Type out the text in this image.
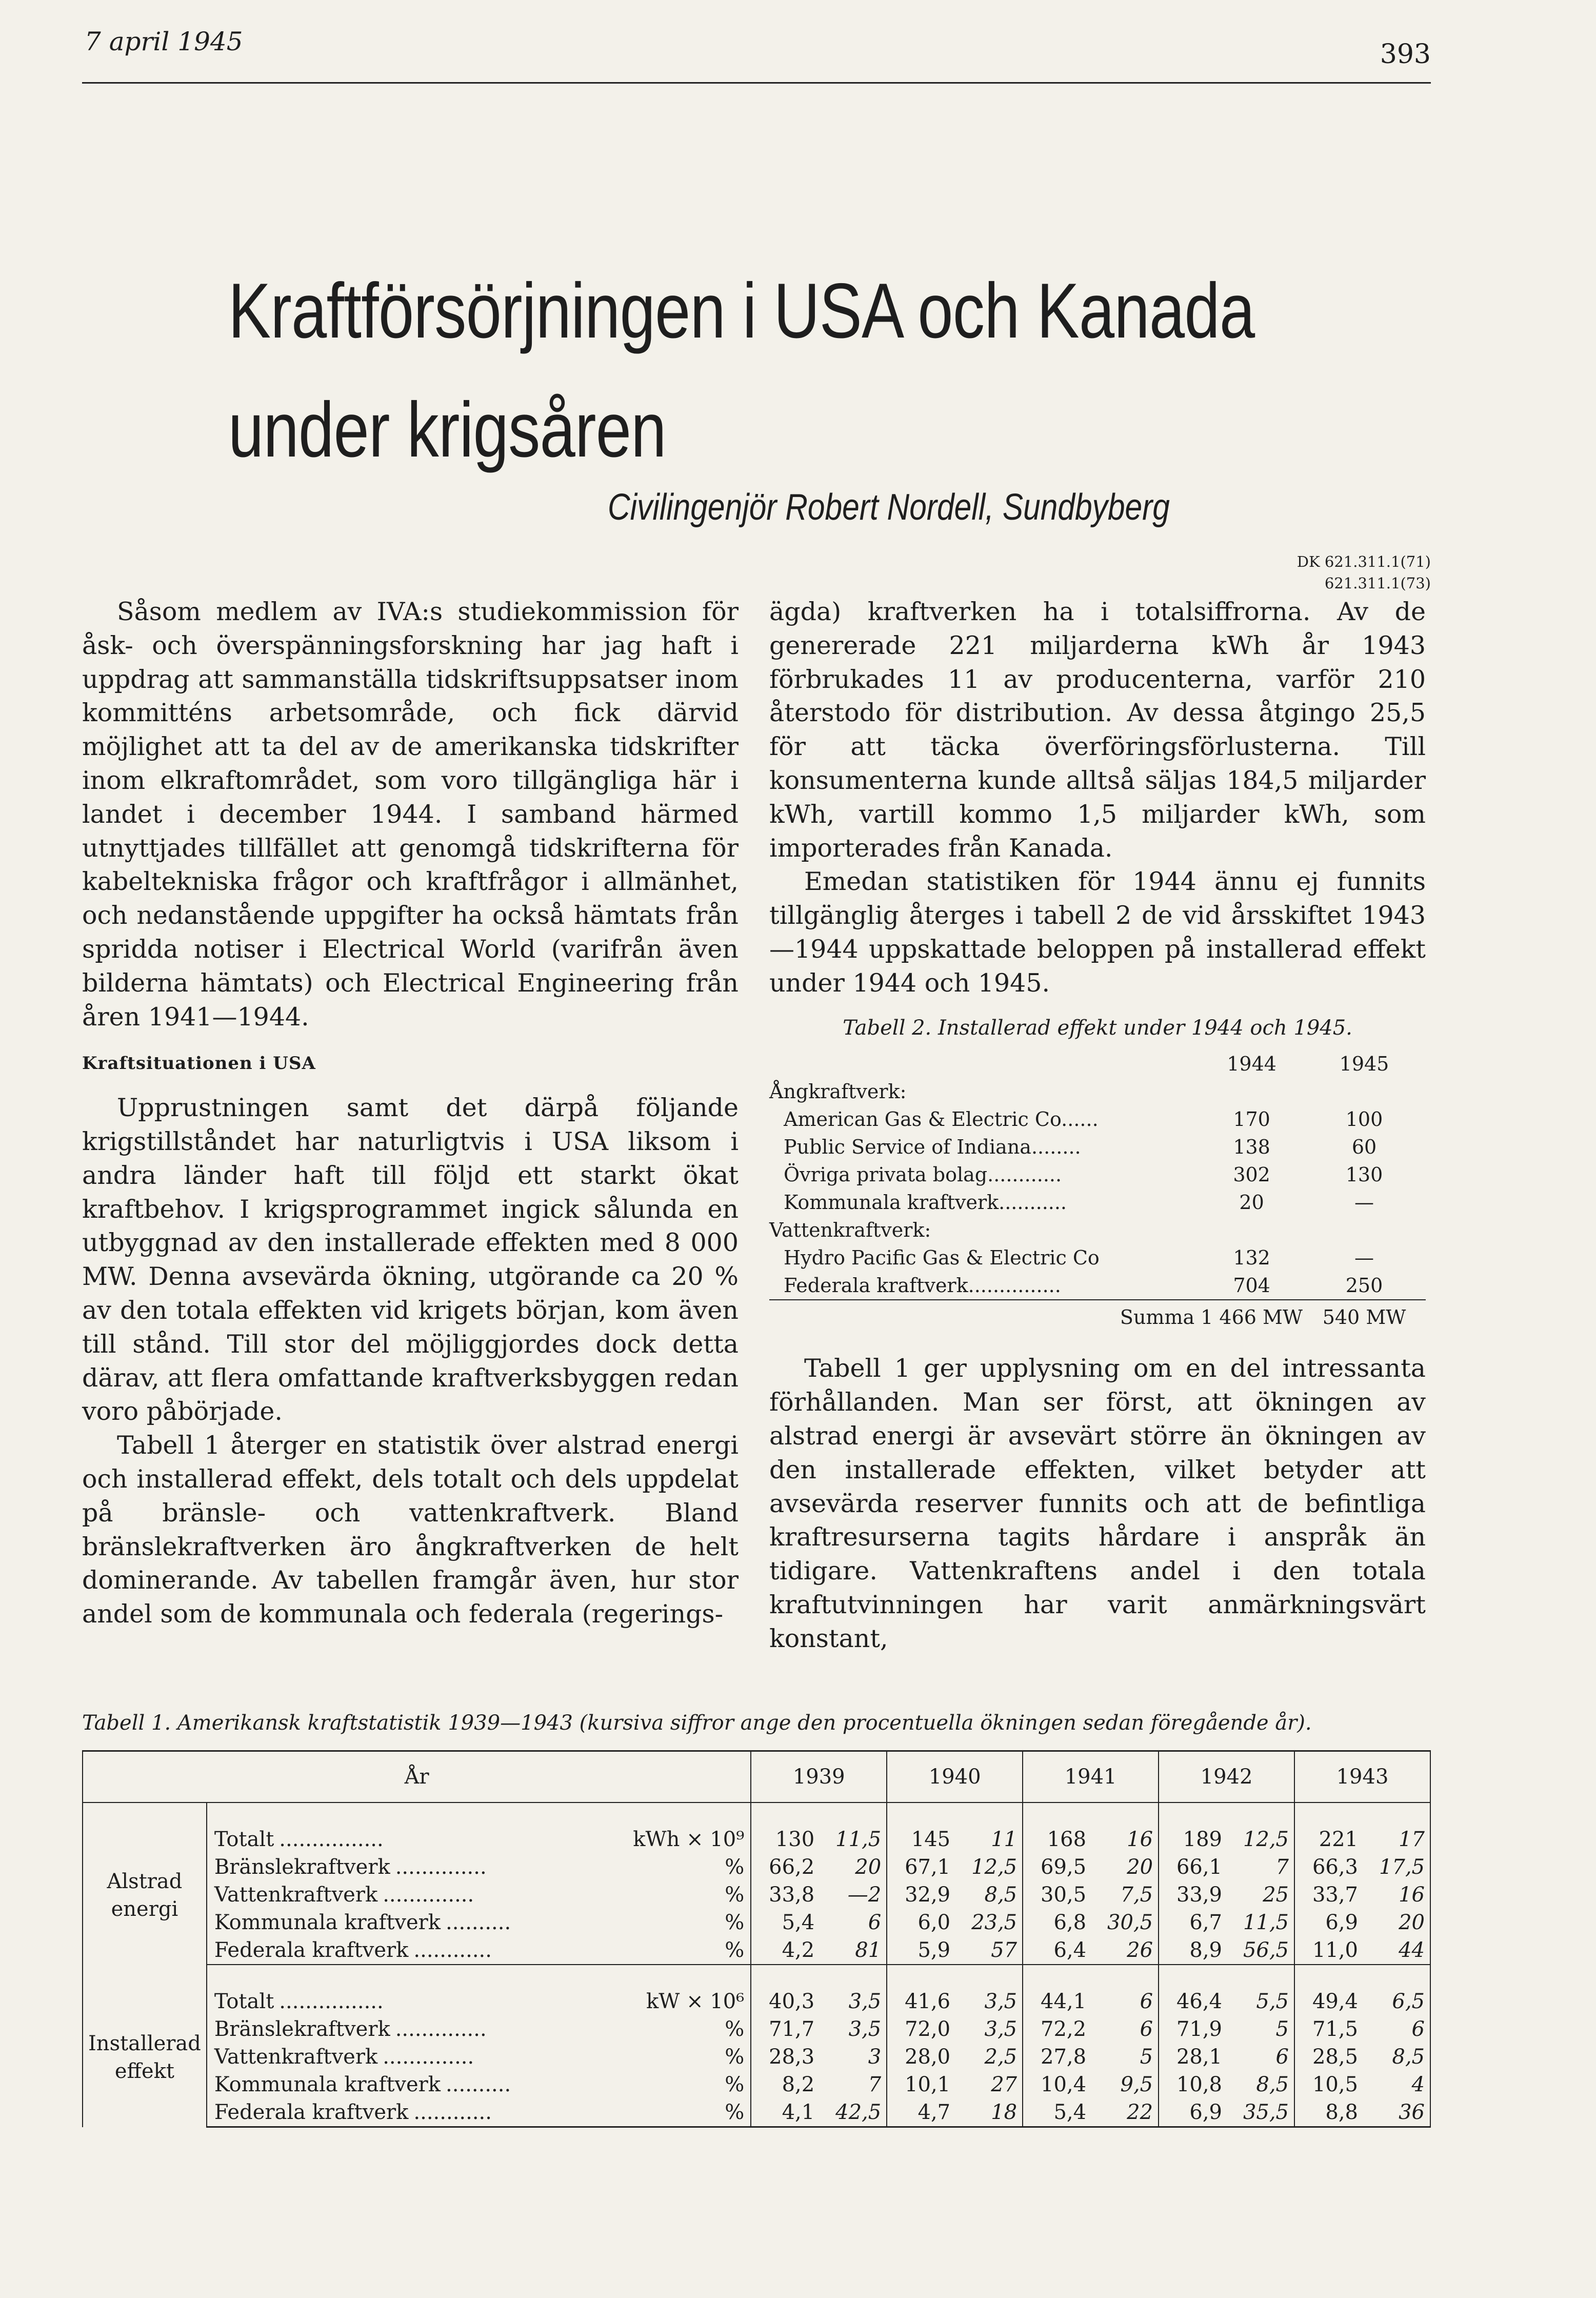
7 april 1945	393
Kraftförsörjningen i USA och Kanada
under krigsåren
Civilingenjör Robert Nordell, Sundbyberg
DK 621.311.1(71)
621.311.1(73)

Såsom medlem av IVA:s studiekommission för åsk- och överspänningsforskning har jag haft i uppdrag att sammanställa tidskriftsuppsatser inom kommitténs arbetsområde, och fick därvid möjlighet att ta del av de amerikanska tidskrifter inom elkraftområdet, som voro tillgängliga här i landet i december 1944. I samband härmed utnyttjades tillfället att genomgå tidskrifterna för kabeltekniska frågor och kraftfrågor i allmänhet, och nedanstående uppgifter ha också hämtats från spridda notiser i Electrical World (varifrån även bilderna hämtats) och Electrical Engineering från åren 1941—1944.

Kraftsituationen i USA

Upprustningen samt det därpå följande krigstillståndet har naturligtvis i USA liksom i andra länder haft till följd ett starkt ökat kraftbehov. I krigsprogrammet ingick sålunda en utbyggnad av den installerade effekten med 8 000 MW. Denna avsevärda ökning, utgörande ca 20 % av den totala effekten vid krigets början, kom även till stånd. Till stor del möjliggjordes dock detta därav, att flera omfattande kraftverksbyggen redan voro påbörjade.

Tabell 1 återger en statistik över alstrad energi och installerad effekt, dels totalt och dels uppdelat på bränsle- och vattenkraftverk. Bland bränslekraftverken äro ångkraftverken de helt dominerande. Av tabellen framgår även, hur stor andel som de kommunala och federala (regerings-

ägda) kraftverken ha i totalsiffrorna. Av de genererade 221 miljarderna kWh år 1943 förbrukades 11 av producenterna, varför 210 återstodo för distribution. Av dessa åtgingo 25,5 för att täcka överföringsförlusterna. Till konsumenterna kunde alltså säljas 184,5 miljarder kWh, vartill kommo 1,5 miljarder kWh, som importerades från Kanada.

Emedan statistiken för 1944 ännu ej funnits tillgänglig återges i tabell 2 de vid årsskiftet 1943—1944 uppskattade beloppen på installerad effekt under 1944 och 1945.

Tabell 2. Installerad effekt under 1944 och 1945.
	1944	1945
Ångkraftverk:		
American Gas & Electric Co......	170	100
Public Service of Indiana........	138	60
Övriga privata bolag............	302	130
Kommunala kraftverk...........	20	—
Vattenkraftverk:		
Hydro Pacific Gas & Electric Co	132	—
Federala kraftverk...............	704	250
Summa	1 466 MW	540 MW

Tabell 1 ger upplysning om en del intressanta förhållanden. Man ser först, att ökningen av alstrad energi är avsevärt större än ökningen av den installerade effekten, vilket betyder att avsevärda reserver funnits och att de befintliga kraftresurserna tagits hårdare i anspråk än tidigare. Vattenkraftens andel i den totala kraftutvinningen har varit anmärkningsvärt konstant,

Tabell 1. Amerikansk kraftstatistik 1939—1943 (kursiva siffror ange den procentuella ökningen sedan föregående år).
År		1939		1940		1941		1942		1943	

Alstrad energi	Totalt ................ kWh × 10⁹	130	11,5	145	11	168	16	189	12,5	221	17
	Bränslekraftverk .............. %	66,2	20	67,1	12,5	69,5	20	66,1	7	66,3	17,5
	Vattenkraftverk .............. %	33,8	—2	32,9	8,5	30,5	7,5	33,9	25	33,7	16
	Kommunala kraftverk .......... %	5,4	6	6,0	23,5	6,8	30,5	6,7	11,5	6,9	20
	Federala kraftverk ............ %	4,2	81	5,9	57	6,4	26	8,9	56,5	11,0	44

Installerad effekt	Totalt ................ kW × 10⁶	40,3	3,5	41,6	3,5	44,1	6	46,4	5,5	49,4	6,5
	Bränslekraftverk .............. %	71,7	3,5	72,0	3,5	72,2	6	71,9	5	71,5	6
	Vattenkraftverk .............. %	28,3	3	28,0	2,5	27,8	5	28,1	6	28,5	8,5
	Kommunala kraftverk .......... %	8,2	7	10,1	27	10,4	9,5	10,8	8,5	10,5	4
	Federala kraftverk ............ %	4,1	42,5	4,7	18	5,4	22	6,9	35,5	8,8	36
